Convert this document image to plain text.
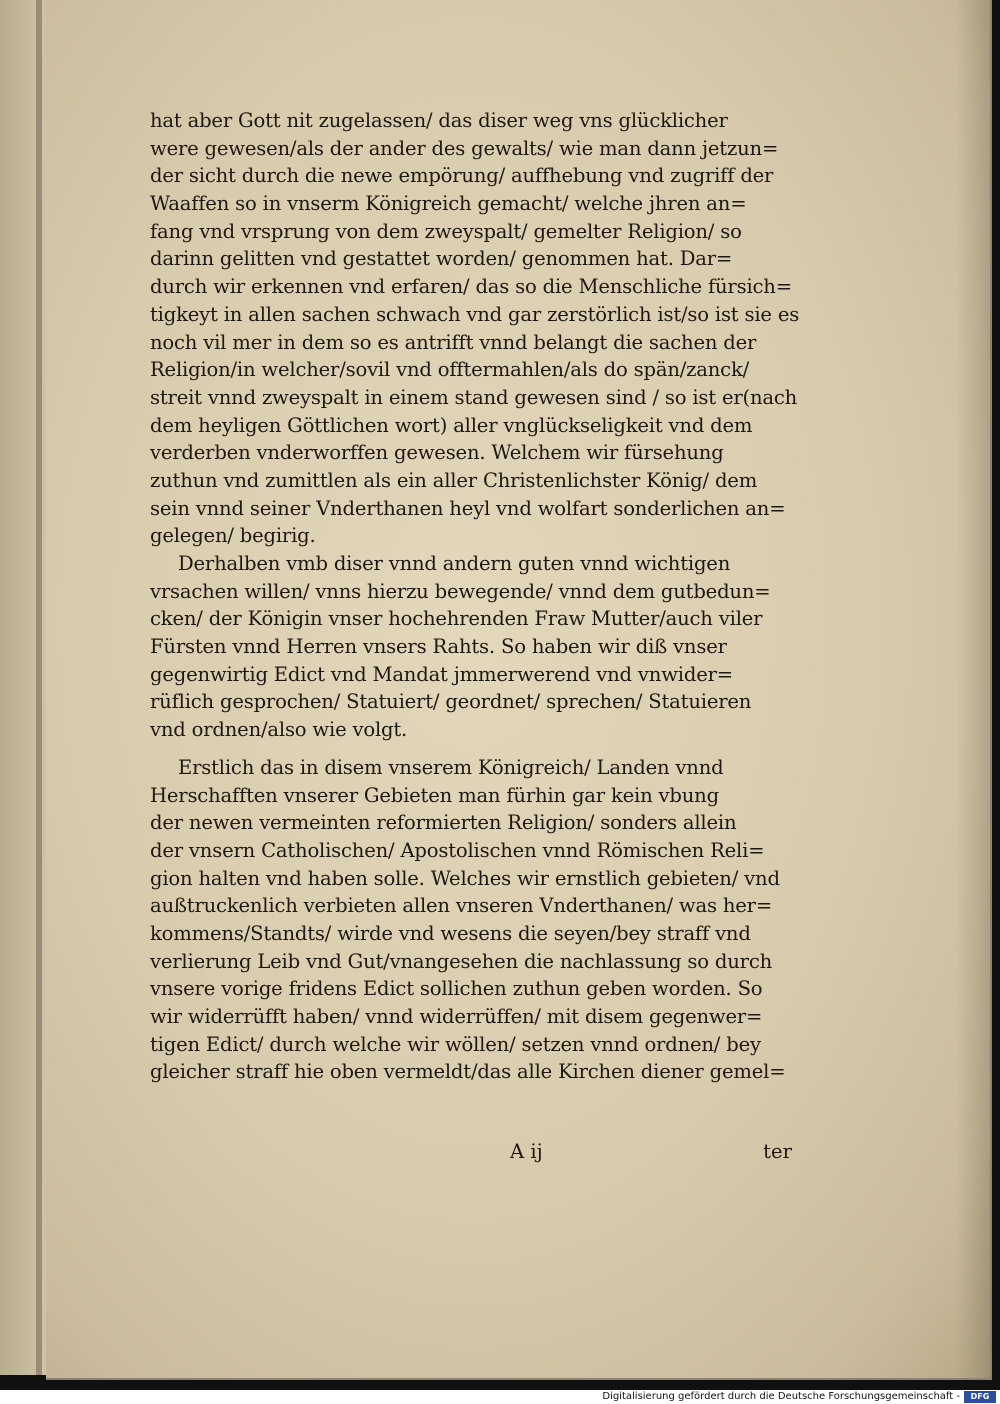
hat aber Gott nit zugelassen/ das diser weg vns glücklicher
were gewesen/als der ander des gewalts/ wie man dann jetzun=
der sicht durch die newe empörung/ auffhebung vnd zugriff der
Waaffen so in vnserm Königreich gemacht/ welche jhren an=
fang vnd vrsprung von dem zweyspalt/ gemelter Religion/ so
darinn gelitten vnd gestattet worden/ genommen hat. Dar=
durch wir erkennen vnd erfaren/ das so die Menschliche fürsich=
tigkeyt in allen sachen schwach vnd gar zerstörlich ist/so ist sie es
noch vil mer in dem so es antrifft vnnd belangt die sachen der
Religion/in welcher/sovil vnd offtermahlen/als do spän/zanck/
streit vnnd zweyspalt in einem stand gewesen sind / so ist er(nach
dem heyligen Göttlichen wort) aller vnglückseligkeit vnd dem
verderben vnderworffen gewesen. Welchem wir fürsehung
zuthun vnd zumittlen als ein aller Christenlichster König/ dem
sein vnnd seiner Vnderthanen heyl vnd wolfart sonderlichen an=
gelegen/ begirig.
Derhalben vmb diser vnnd andern guten vnnd wichtigen
vrsachen willen/ vnns hierzu bewegende/ vnnd dem gutbedun=
cken/ der Königin vnser hochehrenden Fraw Mutter/auch viler
Fürsten vnnd Herren vnsers Rahts. So haben wir diß vnser
gegenwirtig Edict vnd Mandat jmmerwerend vnd vnwider=
rüflich gesprochen/ Statuiert/ geordnet/ sprechen/ Statuieren
vnd ordnen/also wie volgt.
Erstlich das in disem vnserem Königreich/ Landen vnnd
Herschafften vnserer Gebieten man fürhin gar kein vbung
der newen vermeinten reformierten Religion/ sonders allein
der vnsern Catholischen/ Apostolischen vnnd Römischen Reli=
gion halten vnd haben solle. Welches wir ernstlich gebieten/ vnd
außtruckenlich verbieten allen vnseren Vnderthanen/ was her=
kommens/Standts/ wirde vnd wesens die seyen/bey straff vnd
verlierung Leib vnd Gut/vnangesehen die nachlassung so durch
vnsere vorige fridens Edict sollichen zuthun geben worden. So
wir widerrüfft haben/ vnnd widerrüffen/ mit disem gegenwer=
tigen Edict/ durch welche wir wöllen/ setzen vnnd ordnen/ bey
gleicher straff hie oben vermeldt/das alle Kirchen diener gemel=
A ij	ter
Digitalisierung gefördert durch die Deutsche Forschungsgemeinschaft -	DFG
